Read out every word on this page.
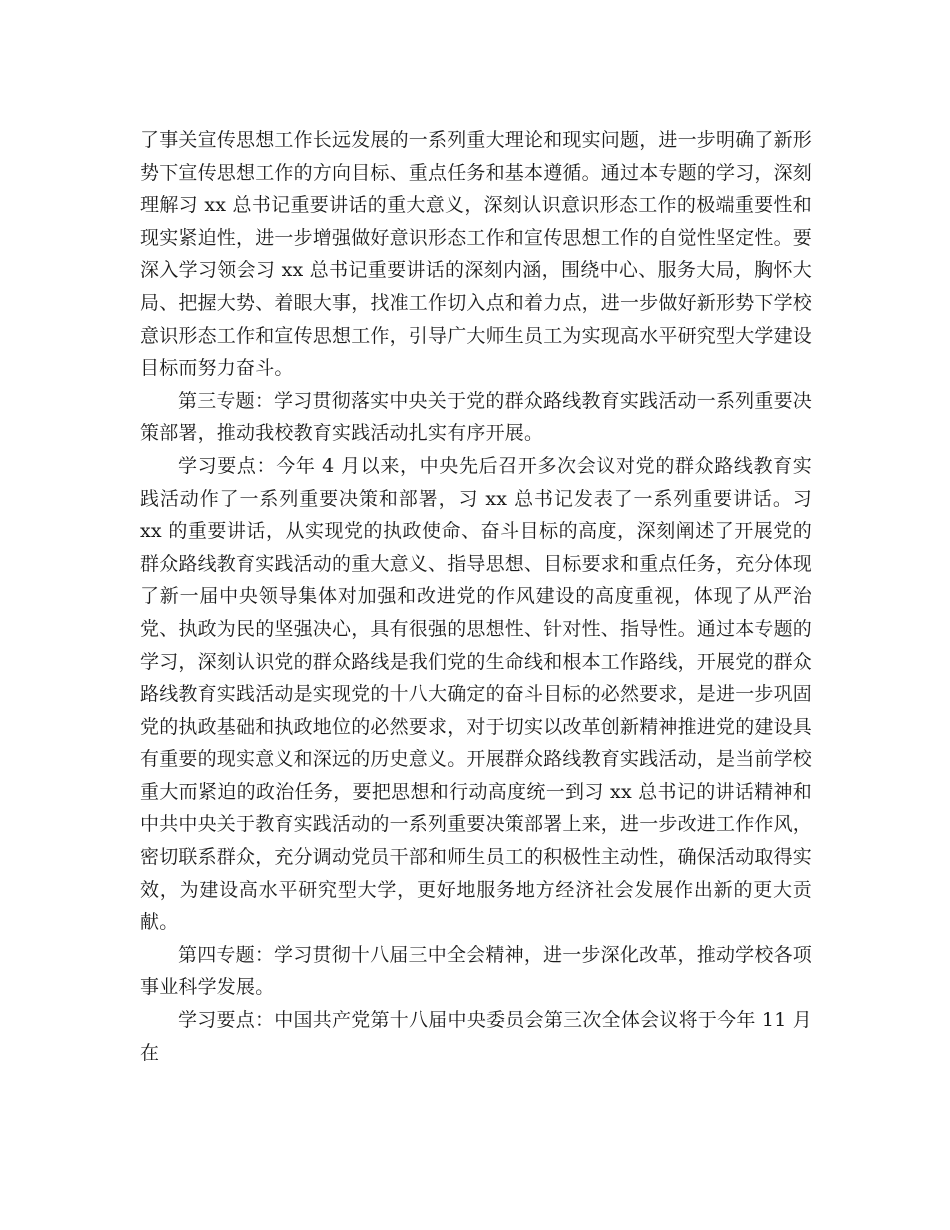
了事关宣传思想工作长远发展的一系列重大理论和现实问题，进一步明确了新形势下宣传思想工作的方向目标、重点任务和基本遵循。通过本专题的学习，深刻理解习 xx 总书记重要讲话的重大意义，深刻认识意识形态工作的极端重要性和现实紧迫性，进一步增强做好意识形态工作和宣传思想工作的自觉性坚定性。要深入学习领会习 xx 总书记重要讲话的深刻内涵，围绕中心、服务大局，胸怀大局、把握大势、着眼大事，找准工作切入点和着力点，进一步做好新形势下学校意识形态工作和宣传思想工作，引导广大师生员工为实现高水平研究型大学建设目标而努力奋斗。

第三专题：学习贯彻落实中央关于党的群众路线教育实践活动一系列重要决策部署，推动我校教育实践活动扎实有序开展。

学习要点：今年 4 月以来，中央先后召开多次会议对党的群众路线教育实践活动作了一系列重要决策和部署，习 xx 总书记发表了一系列重要讲话。习 xx 的重要讲话，从实现党的执政使命、奋斗目标的高度，深刻阐述了开展党的群众路线教育实践活动的重大意义、指导思想、目标要求和重点任务，充分体现了新一届中央领导集体对加强和改进党的作风建设的高度重视，体现了从严治党、执政为民的坚强决心，具有很强的思想性、针对性、指导性。通过本专题的学习，深刻认识党的群众路线是我们党的生命线和根本工作路线，开展党的群众路线教育实践活动是实现党的十八大确定的奋斗目标的必然要求，是进一步巩固党的执政基础和执政地位的必然要求，对于切实以改革创新精神推进党的建设具有重要的现实意义和深远的历史意义。开展群众路线教育实践活动，是当前学校重大而紧迫的政治任务，要把思想和行动高度统一到习 xx 总书记的讲话精神和中共中央关于教育实践活动的一系列重要决策部署上来，进一步改进工作作风，密切联系群众，充分调动党员干部和师生员工的积极性主动性，确保活动取得实效，为建设高水平研究型大学，更好地服务地方经济社会发展作出新的更大贡献。

第四专题：学习贯彻十八届三中全会精神，进一步深化改革，推动学校各项事业科学发展。

学习要点：中国共产党第十八届中央委员会第三次全体会议将于今年 11 月在
